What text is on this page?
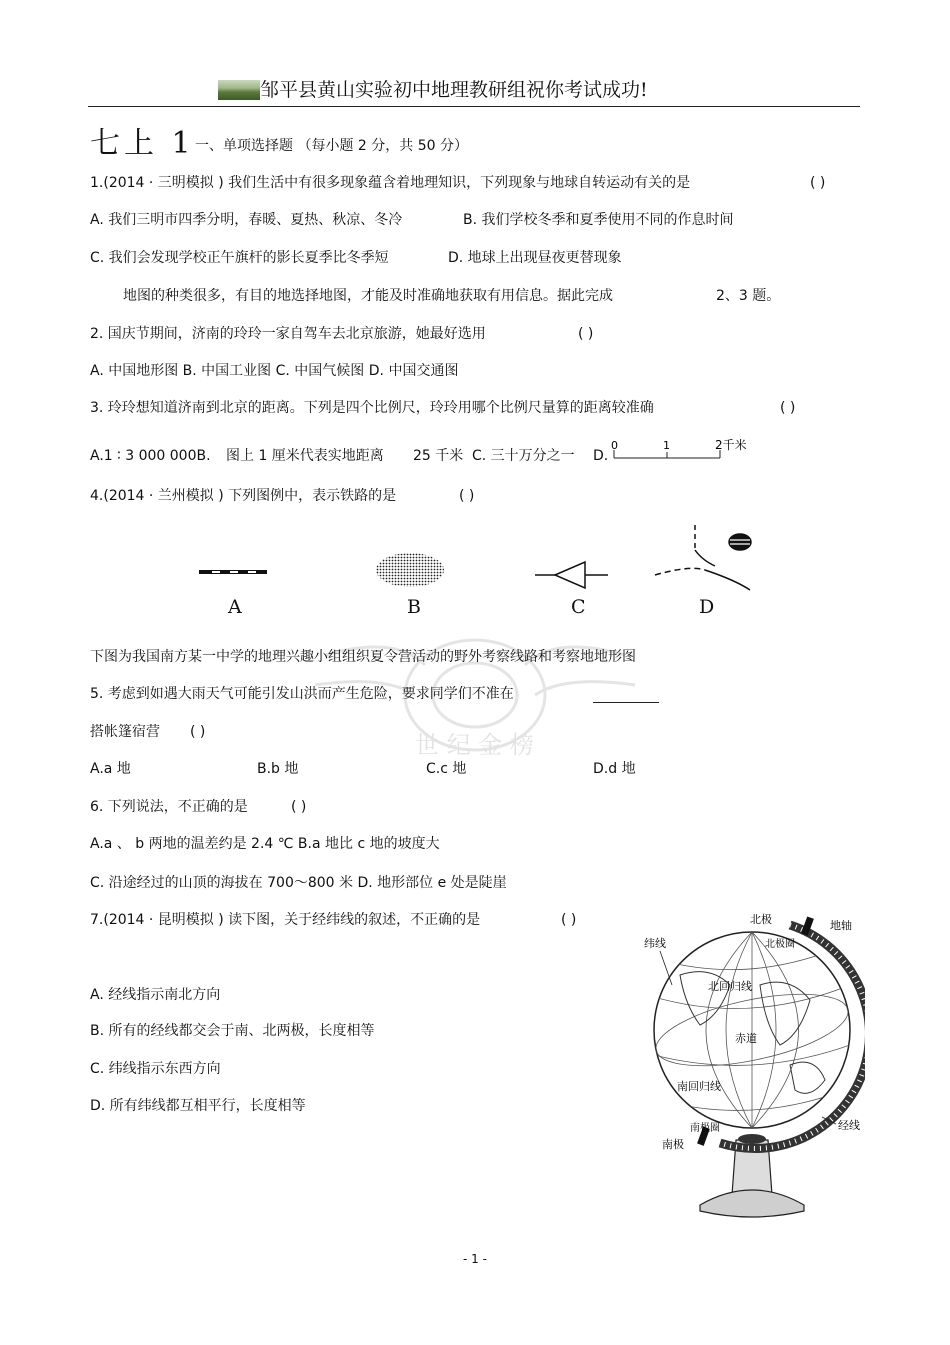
邹平县黄山实验初中地理教研组祝你考试成功!
七上 1 一、单项选择题 （每小题 2 分，共 50 分）
1.(2014 · 三明模拟 ) 我们生活中有很多现象蕴含着地理知识，下列现象与地球自转运动有关的是	( )
A. 我们三明市四季分明，春暖、夏热、秋凉、冬冷	B. 我们学校冬季和夏季使用不同的作息时间
C. 我们会发现学校正午旗杆的影长夏季比冬季短	D. 地球上出现昼夜更替现象
地图的种类很多，有目的地选择地图，才能及时准确地获取有用信息。据此完成	2、3 题。
2. 国庆节期间，济南的玲玲一家自驾车去北京旅游，她最好选用	( )
A. 中国地形图 B. 中国工业图 C. 中国气候图 D. 中国交通图
3. 玲玲想知道济南到北京的距离。下列是四个比例尺，玲玲用哪个比例尺量算的距离较准确	( )
A.1 ∶ 3 000 000B. 图上 1 厘米代表实地距离 25 千米 C. 三十万分之一 D.
0	1	2千米
4.(2014 · 兰州模拟 ) 下列图例中，表示铁路的是	( )
A	B	C	D
世 纪 金 榜
下图为我国南方某一中学的地理兴趣小组组织夏令营活动的野外考察线路和考察地地形图
5. 考虑到如遇大雨天气可能引发山洪而产生危险，要求同学们不准在
搭帐篷宿营 ( )
A.a 地	B.b 地	C.c 地	D.d 地
6. 下列说法，不正确的是	( )
A.a 、 b 两地的温差约是 2.4 ℃ B.a 地比 c 地的坡度大
C. 沿途经过的山顶的海拔在 700～800 米 D. 地形部位 e 处是陡崖
7.(2014 · 昆明模拟 ) 读下图，关于经纬线的叙述，不正确的是	( )
A. 经线指示南北方向
B. 所有的经线都交会于南、北两极，长度相等
C. 纬线指示东西方向
D. 所有纬线都互相平行，长度相等
北极	地轴
纬线	北极圈
北回归线
赤道
南回归线
经线
南极圈
南极
- 1 -
